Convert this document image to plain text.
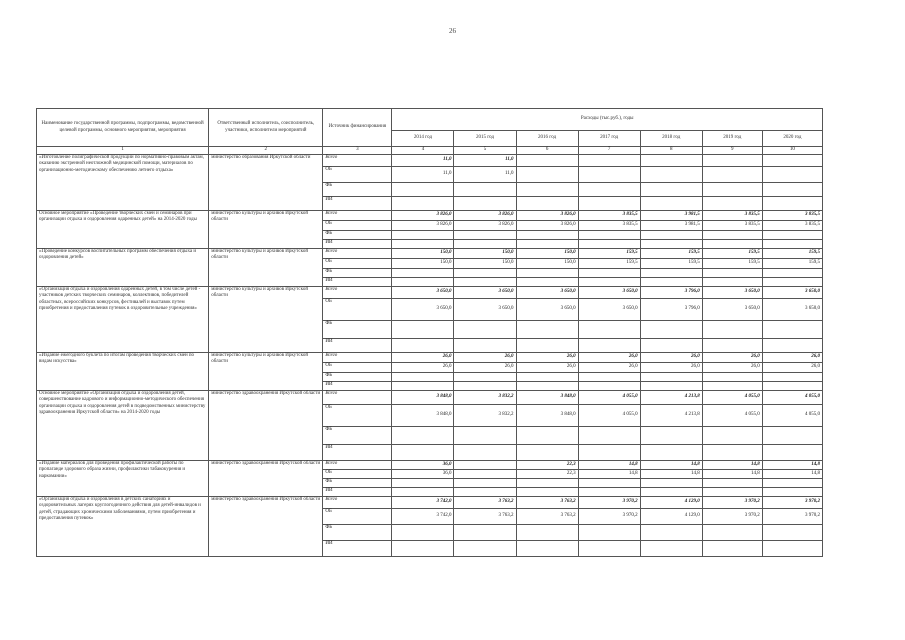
26
Наименование государственной программы, подпрограммы, ведомственной целевой программы, основного мероприятия, мероприятия	Ответственный исполнитель, соисполнитель, участники, исполнители мероприятий	Источник финансирования	Расходы (тыс.руб.), годы						
			2014 год	2015 год	2016 год	2017 год	2018 год	2019 год	2020 год
1	2	3	4	5	6	7	8	9	10
«Изготовление полиграфической продукции по нормативно-правовым актам, оказанию экстренной неотложной медицинской помощи, материалов по организационно-методическому обеспечению летнего отдыха»	министерство образования Иркутской области	Всего	11,0	11,0					
		ОБ	11,0	11,0					
		ФБ							
		ИИ							
Основное мероприятие «Проведение творческих смен и семинаров при организации отдыха и оздоровления одаренных детей» на 2014-2020 годы	министерство культуры и архивов Иркутской области	Всего	3 826,0	3 826,0	3 826,0	3 835,5	3 981,5	3 835,5	3 835,5
		ОБ	3 826,0	3 826,0	3 826,0	3 835,5	3 981,5	3 835,5	3 835,5
		ФБ							
		ИИ							
«Проведение конкурсов воспитательных программ обеспечения отдыха и оздоровления детей»	министерство культуры и архивов Иркутской области	Всего	150,0	150,0	150,0	159,5	159,5	159,5	159,5
		ОБ	150,0	150,0	150,0	159,5	159,5	159,5	159,5
		ФБ							
		ИИ							
«Организация отдыха и оздоровления одаренных детей, в том числе детей - участников детских творческих семинаров, коллективов, победителей областных, всероссийских конкурсов, фестивалей и выставок путем приобретения и предоставления путевок в оздоровительные учреждения»	министерство культуры и архивов Иркутской области	Всего	3 650,0	3 650,0	3 650,0	3 650,0	3 796,0	3 650,0	3 650,0
		ОБ	3 650,0	3 650,0	3 650,0	3 650,0	3 796,0	3 650,0	3 650,0
		ФБ							
		ИИ							
«Издание ежегодного буклета по итогам проведения творческих смен по видам искусства»	министерство культуры и архивов Иркутской области	Всего	26,0	26,0	26,0	26,0	26,0	26,0	26,0
		ОБ	26,0	26,0	26,0	26,0	26,0	26,0	26,0
		ФБ							
		ИИ							
Основное мероприятие «Организация отдыха и оздоровления детей, совершенствование кадрового и информационно-методического обеспечения организации отдыха и оздоровления детей в подведомственных министерству здравоохранения Иркутской области» на 2014-2020 годы	министерство здравоохранения Иркутской области	Всего	3 848,0	3 832,2	3 848,0	4 055,0	4 213,8	4 055,0	4 055,0
		ОБ	3 848,0	3 832,2	3 848,0	4 055,0	4 213,8	4 055,0	4 055,0
		ФБ							
		ИИ							
«Издание материалов для проведения профилактической работы по пропаганде здорового образа жизни, профилактики табакокурения и наркомании»	министерство здравоохранения Иркутской области	Всего	36,0		22,3	14,8	14,8	14,8	14,8
		ОБ	36,0		22,3	14,8	14,8	14,8	14,8
		ФБ							
		ИИ							
«Организация отдыха и оздоровления в детских санаториях и оздоровительных лагерях круглогодичного действия для детей-инвалидов и детей, страдающих хроническими заболеваниями, путем приобретения и предоставления путевок»	министерство здравоохранения Иркутской области	Всего	3 742,0	3 763,2	3 763,2	3 970,2	4 129,0	3 970,2	3 970,2
		ОБ	3 742,0	3 763,2	3 763,2	3 970,2	4 129,0	3 970,2	3 970,2
		ФБ							
		ИИ							
